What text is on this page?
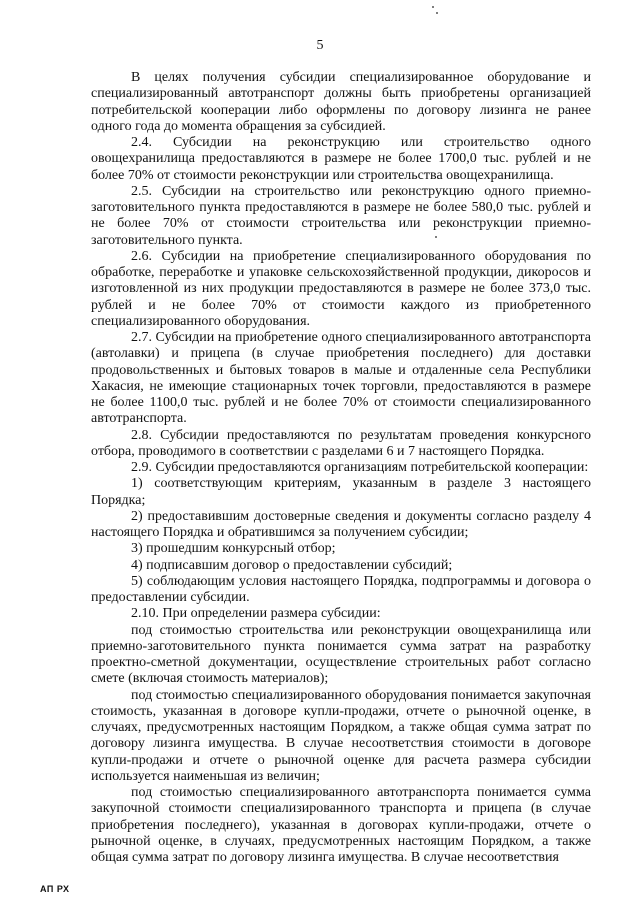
5

В целях получения субсидии специализированное оборудование и специализированный автотранспорт должны быть приобретены организацией потребительской кооперации либо оформлены по договору лизинга не ранее одного года до момента обращения за субсидией.

2.4. Субсидии на реконструкцию или строительство одного овощехранилища предоставляются в размере не более 1700,0 тыс. рублей и не более 70% от стоимости реконструкции или строительства овощехранилища.

2.5. Субсидии на строительство или реконструкцию одного приемно-заготовительного пункта предоставляются в размере не более 580,0 тыс. рублей и не более 70% от стоимости строительства или реконструкции приемно-заготовительного пункта.

2.6. Субсидии на приобретение специализированного оборудования по обработке, переработке и упаковке сельскохозяйственной продукции, дикоросов и изготовленной из них продукции предоставляются в размере не более 373,0 тыс. рублей и не более 70% от стоимости каждого из приобретенного специализированного оборудования.

2.7. Субсидии на приобретение одного специализированного автотранспорта (автолавки) и прицепа (в случае приобретения последнего) для доставки продовольственных и бытовых товаров в малые и отдаленные села Республики Хакасия, не имеющие стационарных точек торговли, предоставляются в размере не более 1100,0 тыс. рублей и не более 70% от стоимости специализированного автотранспорта.

2.8. Субсидии предоставляются по результатам проведения конкурсного отбора, проводимого в соответствии с разделами 6 и 7 настоящего Порядка.

2.9. Субсидии предоставляются организациям потребительской кооперации:

1) соответствующим критериям, указанным в разделе 3 настоящего Порядка;

2) предоставившим достоверные сведения и документы согласно разделу 4 настоящего Порядка и обратившимся за получением субсидии;

3) прошедшим конкурсный отбор;

4) подписавшим договор о предоставлении субсидий;

5) соблюдающим условия настоящего Порядка, подпрограммы и договора о предоставлении субсидии.

2.10. При определении размера субсидии:

под стоимостью строительства или реконструкции овощехранилища или приемно-заготовительного пункта понимается сумма затрат на разработку проектно-сметной документации, осуществление строительных работ согласно смете (включая стоимость материалов);

под стоимостью специализированного оборудования понимается закупочная стоимость, указанная в договоре купли-продажи, отчете о рыночной оценке, в случаях, предусмотренных настоящим Порядком, а также общая сумма затрат по договору лизинга имущества. В случае несоответствия стоимости в договоре купли-продажи и отчете о рыночной оценке для расчета размера субсидии используется наименьшая из величин;

под стоимостью специализированного автотранспорта понимается сумма закупочной стоимости специализированного транспорта и прицепа (в случае приобретения последнего), указанная в договорах купли-продажи, отчете о рыночной оценке, в случаях, предусмотренных настоящим Порядком, а также общая сумма затрат по договору лизинга имущества. В случае несоответствия

АП РХ
